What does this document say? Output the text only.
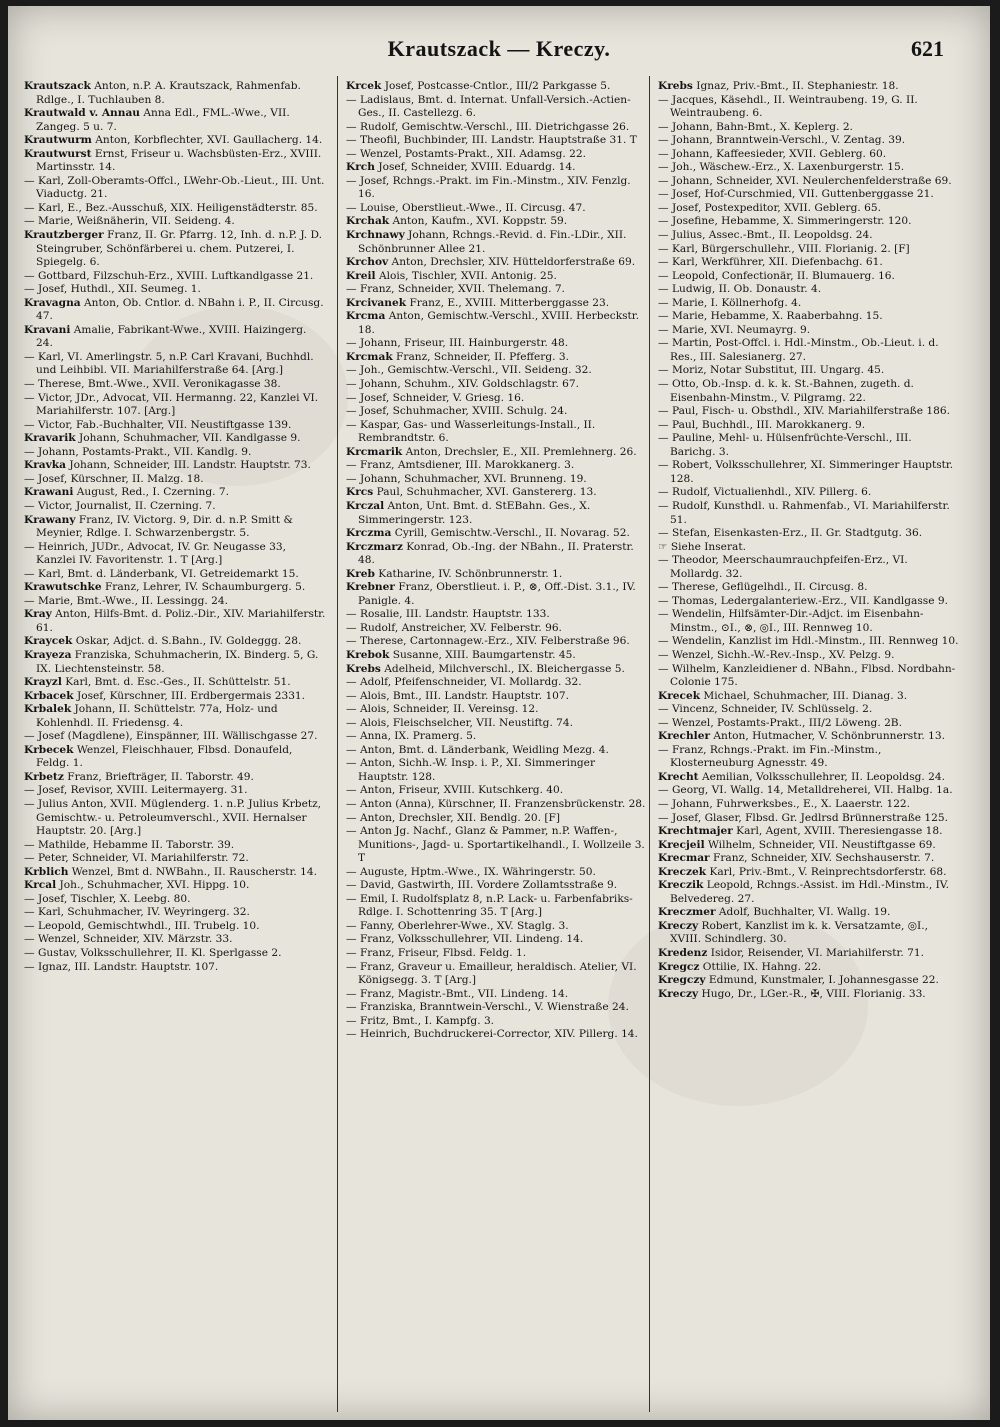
Krautszack — Kreczy.	621

Krautszack Anton, n.P. A. Krautszack, Rahmenfab. Rdlge., I. Tuchlauben 8.

Krautwald v. Annau Anna Edl., FML.-Wwe., VII. Zangeg. 5 u. 7.

Krautwurm Anton, Korbflechter, XVI. Gaullacherg. 14.

Krautwurst Ernst, Friseur u. Wachsbüsten-Erz., XVIII. Martinsstr. 14.

— Karl, Zoll-Oberamts-Offcl., LWehr-Ob.-Lieut., III. Unt. Viaductg. 21.

— Karl, E., Bez.-Ausschuß, XIX. Heiligenstädterstr. 85.

— Marie, Weißnäherin, VII. Seideng. 4.

Krautzberger Franz, II. Gr. Pfarrg. 12, Inh. d. n.P. J. D. Steingruber, Schönfärberei u. chem. Putzerei, I. Spiegelg. 6.

— Gottbard, Filzschuh-Erz., XVIII. Luftkandlgasse 21.

— Josef, Huthdl., XII. Seumeg. 1.

Kravagna Anton, Ob. Cntlor. d. NBahn i. P., II. Circusg. 47.

Kravani Amalie, Fabrikant-Wwe., XVIII. Haizingerg. 24.

— Karl, VI. Amerlingstr. 5, n.P. Carl Kravani, Buchhdl. und Leihbibl. VII. Mariahilferstraße 64. [Arg.]

— Therese, Bmt.-Wwe., XVII. Veronikagasse 38.

— Victor, JDr., Advocat, VII. Hermanng. 22, Kanzlei VI. Mariahilferstr. 107. [Arg.]

— Victor, Fab.-Buchhalter, VII. Neustiftgasse 139.

Kravarik Johann, Schuhmacher, VII. Kandlgasse 9.

— Johann, Postamts-Prakt., VII. Kandlg. 9.

Kravka Johann, Schneider, III. Landstr. Hauptstr. 73.

— Josef, Kürschner, II. Malzg. 18.

Krawani August, Red., I. Czerning. 7.

— Victor, Journalist, II. Czerning. 7.

Krawany Franz, IV. Victorg. 9, Dir. d. n.P. Smitt & Meynier, Rdlge. I. Schwarzenbergstr. 5.

— Heinrich, JUDr., Advocat, IV. Gr. Neugasse 33, Kanzlei IV. Favoritenstr. 1. T [Arg.]

— Karl, Bmt. d. Länderbank, VI. Getreidemarkt 15.

Krawutschke Franz, Lehrer, IV. Schaumburgerg. 5.

— Marie, Bmt.-Wwe., II. Lessingg. 24.

Kray Anton, Hilfs-Bmt. d. Poliz.-Dir., XIV. Mariahilferstr. 61.

Kraycek Oskar, Adjct. d. S.Bahn., IV. Goldeggg. 28.

Krayeza Franziska, Schuhmacherin, IX. Binderg. 5, G. IX. Liechtensteinstr. 58.

Krayzl Karl, Bmt. d. Esc.-Ges., II. Schüttelstr. 51.

Krbacek Josef, Kürschner, III. Erdbergermais 2331.

Krbalek Johann, II. Schüttelstr. 77a, Holz- und Kohlenhdl. II. Friedensg. 4.

— Josef (Magdlene), Einspänner, III. Wällischgasse 27.

Krbecek Wenzel, Fleischhauer, Flbsd. Donaufeld, Feldg. 1.

Krbetz Franz, Briefträger, II. Taborstr. 49.

— Josef, Revisor, XVIII. Leitermayerg. 31.

— Julius Anton, XVII. Müglenderg. 1. n.P. Julius Krbetz, Gemischtw.- u. Petroleumverschl., XVII. Hernalser Hauptstr. 20. [Arg.]

— Mathilde, Hebamme II. Taborstr. 39.

— Peter, Schneider, VI. Mariahilferstr. 72.

Krblich Wenzel, Bmt d. NWBahn., II. Rauscherstr. 14.

Krcal Joh., Schuhmacher, XVI. Hippg. 10.

— Josef, Tischler, X. Leebg. 80.

— Karl, Schuhmacher, IV. Weyringerg. 32.

— Leopold, Gemischtwhdl., III. Trubelg. 10.

— Wenzel, Schneider, XIV. Märzstr. 33.

— Gustav, Volksschullehrer, II. Kl. Sperlgasse 2.

— Ignaz, III. Landstr. Hauptstr. 107.

Krcek Josef, Postcasse-Cntlor., III/2 Parkgasse 5.

— Ladislaus, Bmt. d. Internat. Unfall-Versich.-Actien-Ges., II. Castellezg. 6.

— Rudolf, Gemischtw.-Verschl., III. Dietrichgasse 26.

— Theofil, Buchbinder, III. Landstr. Hauptstraße 31. T

— Wenzel, Postamts-Prakt., XII. Adamsg. 22.

Krch Josef, Schneider, XVIII. Eduardg. 14.

— Josef, Rchngs.-Prakt. im Fin.-Minstm., XIV. Fenzlg. 16.

— Louise, Oberstlieut.-Wwe., II. Circusg. 47.

Krchak Anton, Kaufm., XVI. Koppstr. 59.

Krchnawy Johann, Rchngs.-Revid. d. Fin.-LDir., XII. Schönbrunner Allee 21.

Krchov Anton, Drechsler, XIV. Hütteldorferstraße 69.

Kreil Alois, Tischler, XVII. Antonig. 25.

— Franz, Schneider, XVII. Thelemang. 7.

Krcivanek Franz, E., XVIII. Mitterberggasse 23.

Krcma Anton, Gemischtw.-Verschl., XVIII. Herbeckstr. 18.

— Johann, Friseur, III. Hainburgerstr. 48.

Krcmak Franz, Schneider, II. Pfefferg. 3.

— Joh., Gemischtw.-Verschl., VII. Seideng. 32.

— Johann, Schuhm., XIV. Goldschlagstr. 67.

— Josef, Schneider, V. Griesg. 16.

— Josef, Schuhmacher, XVIII. Schulg. 24.

— Kaspar, Gas- und Wasserleitungs-Install., II. Rembrandtstr. 6.

Krcmarik Anton, Drechsler, E., XII. Premlehnerg. 26.

— Franz, Amtsdiener, III. Marokkanerg. 3.

— Johann, Schuhmacher, XVI. Brunneng. 19.

Krcs Paul, Schuhmacher, XVI. Ganstererg. 13.

Krczal Anton, Unt. Bmt. d. StEBahn. Ges., X. Simmeringerstr. 123.

Krczma Cyrill, Gemischtw.-Verschl., II. Novarag. 52.

Krczmarz Konrad, Ob.-Ing. der NBahn., II. Praterstr. 48.

Kreb Katharine, IV. Schönbrunnerstr. 1.

Krebner Franz, Oberstlieut. i. P., ⊗, Off.-Dist. 3.1., IV. Panigle. 4.

— Rosalie, III. Landstr. Hauptstr. 133.

— Rudolf, Anstreicher, XV. Felberstr. 96.

— Therese, Cartonnagew.-Erz., XIV. Felberstraße 96.

Krebok Susanne, XIII. Baumgartenstr. 45.

Krebs Adelheid, Milchverschl., IX. Bleichergasse 5.

— Adolf, Pfeifenschneider, VI. Mollardg. 32.

— Alois, Bmt., III. Landstr. Hauptstr. 107.

— Alois, Schneider, II. Vereinsg. 12.

— Alois, Fleischselcher, VII. Neustiftg. 74.

— Anna, IX. Pramerg. 5.

— Anton, Bmt. d. Länderbank, Weidling Mezg. 4.

— Anton, Sichh.-W. Insp. i. P., XI. Simmeringer Hauptstr. 128.

— Anton, Friseur, XVIII. Kutschkerg. 40.

— Anton (Anna), Kürschner, II. Franzensbrückenstr. 28.

— Anton, Drechsler, XII. Bendlg. 20. [F]

— Anton Jg. Nachf., Glanz & Pammer, n.P. Waffen-, Munitions-, Jagd- u. Sportartikelhandl., I. Wollzeile 3. T

— Auguste, Hptm.-Wwe., IX. Währingerstr. 50.

— David, Gastwirth, III. Vordere Zollamtsstraße 9.

— Emil, I. Rudolfsplatz 8, n.P. Lack- u. Farbenfabriks-Rdlge. I. Schottenring 35. T [Arg.]

— Fanny, Oberlehrer-Wwe., XV. Staglg. 3.

— Franz, Volksschullehrer, VII. Lindeng. 14.

— Franz, Friseur, Flbsd. Feldg. 1.

— Franz, Graveur u. Emailleur, heraldisch. Atelier, VI. Königsegg. 3. T [Arg.]

— Franz, Magistr.-Bmt., VII. Lindeng. 14.

— Franziska, Branntwein-Verschl., V. Wienstraße 24.

— Fritz, Bmt., I. Kampfg. 3.

— Heinrich, Buchdruckerei-Corrector, XIV. Pillerg. 14.

Krebs Ignaz, Priv.-Bmt., II. Stephaniestr. 18.

— Jacques, Käsehdl., II. Weintraubeng. 19, G. II. Weintraubeng. 6.

— Johann, Bahn-Bmt., X. Keplerg. 2.

— Johann, Branntwein-Verschl., V. Zentag. 39.

— Johann, Kaffeesieder, XVII. Geblerg. 60.

— Joh., Wäschew.-Erz., X. Laxenburgerstr. 15.

— Johann, Schneider, XVI. Neulerchenfelderstraße 69.

— Josef, Hof-Curschmied, VII. Guttenberggasse 21.

— Josef, Postexpeditor, XVII. Geblerg. 65.

— Josefine, Hebamme, X. Simmeringerstr. 120.

— Julius, Assec.-Bmt., II. Leopoldsg. 24.

— Karl, Bürgerschullehr., VIII. Florianig. 2. [F]

— Karl, Werkführer, XII. Diefenbachg. 61.

— Leopold, Confectionär, II. Blumauerg. 16.

— Ludwig, II. Ob. Donaustr. 4.

— Marie, I. Köllnerhofg. 4.

— Marie, Hebamme, X. Raaberbahng. 15.

— Marie, XVI. Neumayrg. 9.

— Martin, Post-Offcl. i. Hdl.-Minstm., Ob.-Lieut. i. d. Res., III. Salesianerg. 27.

— Moriz, Notar Substitut, III. Ungarg. 45.

— Otto, Ob.-Insp. d. k. k. St.-Bahnen, zugeth. d. Eisenbahn-Minstm., V. Pilgramg. 22.

— Paul, Fisch- u. Obsthdl., XIV. Mariahilferstraße 186.

— Paul, Buchhdl., III. Marokkanerg. 9.

— Pauline, Mehl- u. Hülsenfrüchte-Verschl., III. Barichg. 3.

— Robert, Volksschullehrer, XI. Simmeringer Hauptstr. 128.

— Rudolf, Victualienhdl., XIV. Pillerg. 6.

— Rudolf, Kunsthdl. u. Rahmenfab., VI. Mariahilferstr. 51.

— Stefan, Eisenkasten-Erz., II. Gr. Stadtgutg. 36.

☞ Siehe Inserat.

— Theodor, Meerschaumrauchpfeifen-Erz., VI. Mollardg. 32.

— Therese, Geflügelhdl., II. Circusg. 8.

— Thomas, Ledergalanteriew.-Erz., VII. Kandlgasse 9.

— Wendelin, Hilfsämter-Dir.-Adjct. im Eisenbahn-Minstm., ⊙I., ⊗, ◎I., III. Rennweg 10.

— Wendelin, Kanzlist im Hdl.-Minstm., III. Rennweg 10.

— Wenzel, Sichh.-W.-Rev.-Insp., XV. Pelzg. 9.

— Wilhelm, Kanzleidiener d. NBahn., Flbsd. Nordbahn-Colonie 175.

Krecek Michael, Schuhmacher, III. Dianag. 3.

— Vincenz, Schneider, IV. Schlüsselg. 2.

— Wenzel, Postamts-Prakt., III/2 Löweng. 2B.

Krechler Anton, Hutmacher, V. Schönbrunnerstr. 13.

— Franz, Rchngs.-Prakt. im Fin.-Minstm., Klosterneuburg Agnesstr. 49.

Krecht Aemilian, Volksschullehrer, II. Leopoldsg. 24.

— Georg, VI. Wallg. 14, Metalldreherei, VII. Halbg. 1a.

— Johann, Fuhrwerksbes., E., X. Laaerstr. 122.

— Josef, Glaser, Flbsd. Gr. Jedlrsd Brünnerstraße 125.

Krechtmajer Karl, Agent, XVIII. Theresiengasse 18.

Krecjeil Wilhelm, Schneider, VII. Neustiftgasse 69.

Krecmar Franz, Schneider, XIV. Sechshauserstr. 7.

Kreczek Karl, Priv.-Bmt., V. Reinprechtsdorferstr. 68.

Kreczik Leopold, Rchngs.-Assist. im Hdl.-Minstm., IV. Belvedereg. 27.

Kreczmer Adolf, Buchhalter, VI. Wallg. 19.

Kreczy Robert, Kanzlist im k. k. Versatzamte, ◎I., XVIII. Schindlerg. 30.

Kredenz Isidor, Reisender, VI. Mariahilferstr. 71.

Kregcz Ottilie, IX. Hahng. 22.

Kregczy Edmund, Kunstmaler, I. Johannesgasse 22.

Kreczy Hugo, Dr., LGer.-R., ✠, VIII. Florianig. 33.
